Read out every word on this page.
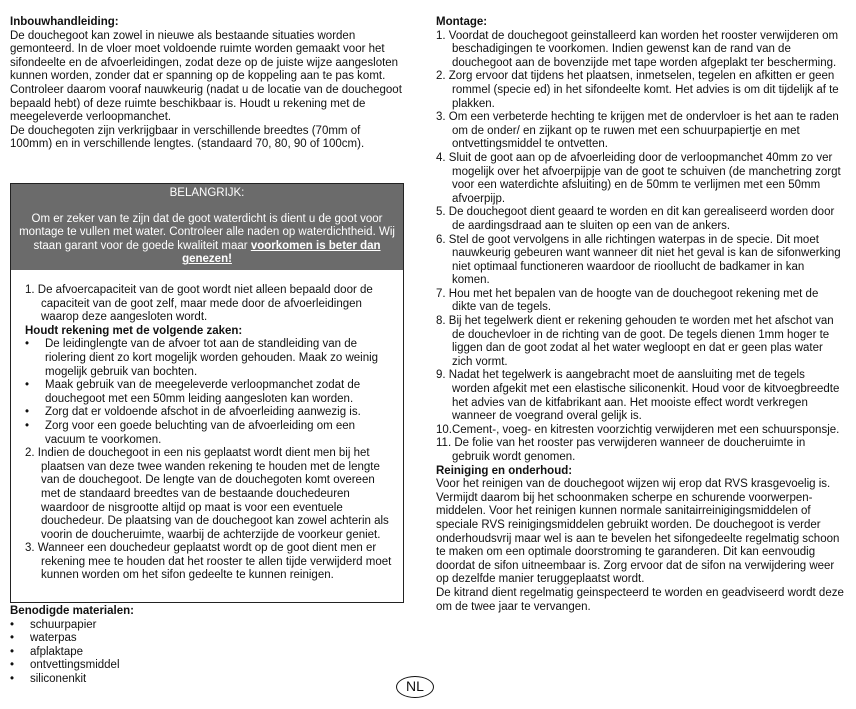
Inbouwhandleiding:

De douchegoot kan zowel in nieuwe als bestaande situaties worden gemonteerd. In de vloer moet voldoende ruimte worden gemaakt voor het sifondeelte en de afvoerleidingen, zodat deze op de juiste wijze aangesloten kunnen worden, zonder dat er spanning op de koppeling aan te pas komt.

Controleer daarom vooraf nauwkeurig (nadat u de locatie van de douchegoot bepaald hebt) of deze ruimte beschikbaar is. Houdt u rekening met de meegeleverde verloopmanchet.

De douchegoten zijn verkrijgbaar in verschillende breedtes (70mm of 100mm) en in verschillende lengtes. (standaard 70, 80, 90 of 100cm).

BELANGRIJK:

Om er zeker van te zijn dat de goot waterdicht is dient u de goot voor montage te vullen met water. Controleer alle naden op waterdichtheid. Wij staan garant voor de goede kwaliteit maar voorkomen is beter dan genezen!

1. De afvoercapaciteit van de goot wordt niet alleen bepaald door de capaciteit van de goot zelf, maar mede door de afvoerleidingen waarop deze aangesloten wordt.

Houdt rekening met de volgende zaken:

• De leidinglengte van de afvoer tot aan de standleiding van de riolering dient zo kort mogelijk worden gehouden. Maak zo weinig mogelijk gebruik van bochten.

• Maak gebruik van de meegeleverde verloopmanchet zodat de douchegoot met een 50mm leiding aangesloten kan worden.

• Zorg dat er voldoende afschot in de afvoerleiding aanwezig is.

• Zorg voor een goede beluchting van de afvoerleiding om een vacuum te voorkomen.

2. Indien de douchegoot in een nis geplaatst wordt dient men bij het plaatsen van deze twee wanden rekening te houden met de lengte van de douchegoot. De lengte van de douchegoten komt overeen met de standaard breedtes van de bestaande douchedeuren waardoor de nisgrootte altijd op maat is voor een eventuele douchedeur. De plaatsing van de douchegoot kan zowel achterin als voorin de doucheruimte, waarbij de achterzijde de voorkeur geniet.

3. Wanneer een douchedeur geplaatst wordt op de goot dient men er rekening mee te houden dat het rooster te allen tijde verwijderd moet kunnen worden om het sifon gedeelte te kunnen reinigen.

Benodigde materialen:

• schuurpapier

• waterpas

• afplaktape

• ontvettingsmiddel

• siliconenkit

Montage:

1. Voordat de douchegoot geinstalleerd kan worden het rooster verwijderen om beschadigingen te voorkomen. Indien gewenst kan de rand van de douchegoot aan de bovenzijde met tape worden afgeplakt ter bescherming.

2. Zorg ervoor dat tijdens het plaatsen, inmetselen, tegelen en afkitten er geen rommel (specie ed) in het sifondeelte komt. Het advies is om dit tijdelijk af te plakken.

3. Om een verbeterde hechting te krijgen met de ondervloer is het aan te raden om de onder/ en zijkant op te ruwen met een schuurpapiertje en met ontvettingsmiddel te ontvetten.

4. Sluit de goot aan op de afvoerleiding door de verloopmanchet 40mm zo ver mogelijk over het afvoerpijpje van de goot te schuiven (de manchetring zorgt voor een waterdichte afsluiting) en de 50mm te verlijmen met een 50mm afvoerpijp.

5. De douchegoot dient geaard te worden en dit kan gerealiseerd worden door de aardingsdraad aan te sluiten op een van de ankers.

6. Stel de goot vervolgens in alle richtingen waterpas in de specie. Dit moet nauwkeurig gebeuren want wanneer dit niet het geval is kan de sifonwerking niet optimaal functioneren waardoor de rioollucht de badkamer in kan komen.

7. Hou met het bepalen van de hoogte van de douchegoot rekening met de dikte van de tegels.

8. Bij het tegelwerk dient er rekening gehouden te worden met het afschot van de douchevloer in de richting van de goot. De tegels dienen 1mm hoger te liggen dan de goot zodat al het water wegloopt en dat er geen plas water zich vormt.

9. Nadat het tegelwerk is aangebracht moet de aansluiting met de tegels worden afgekit met een elastische siliconenkit. Houd voor de kitvoegbreedte het advies van de kitfabrikant aan. Het mooiste effect wordt verkregen wanneer de voegrand overal gelijk is.

10.Cement-, voeg- en kitresten voorzichtig verwijderen met een schuursponsje.

11. De folie van het rooster pas verwijderen wanneer de doucheruimte in gebruik wordt genomen.

Reiniging en onderhoud:

Voor het reinigen van de douchegoot wijzen wij erop dat RVS krasgevoelig is. Vermijdt daarom bij het schoonmaken scherpe en schurende voorwerpen-middelen. Voor het reinigen kunnen normale sanitairreinigingsmiddelen of speciale RVS reinigingsmiddelen gebruikt worden. De douchegoot is verder onderhoudsvrij maar wel is aan te bevelen het sifongedeelte regelmatig schoon te maken om een optimale doorstroming te garanderen. Dit kan eenvoudig doordat de sifon uitneembaar is. Zorg ervoor dat de sifon na verwijdering weer op dezelfde manier teruggeplaatst wordt.

De kitrand dient regelmatig geinspecteerd te worden en geadviseerd wordt deze om de twee jaar te vervangen.

NL
